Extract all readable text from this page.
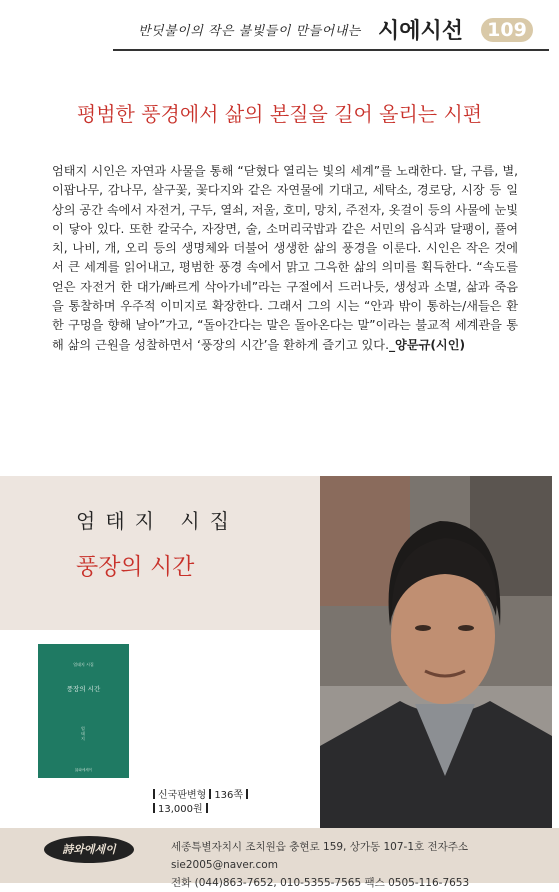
반딧불이의 작은 불빛들이 만들어내는 시에시선	109
평범한 풍경에서 삶의 본질을 길어 올리는 시편
엄태지 시인은 자연과 사물을 통해 “닫혔다 열리는 빛의 세계”를 노래한다. 달, 구름, 별, 이팝나무, 감나무, 살구꽃, 꽃다지와 같은 자연물에 기대고, 세탁소, 경로당, 시장 등 일상의 공간 속에서 자전거, 구두, 열쇠, 저울, 호미, 망치, 주전자, 옷걸이 등의 사물에 눈빛이 닿아 있다. 또한 칼국수, 자장면, 술, 소머리국밥과 같은 서민의 음식과 달팽이, 풀여치, 나비, 개, 오리 등의 생명체와 더불어 생생한 삶의 풍경을 이룬다. 시인은 작은 것에서 큰 세계를 읽어내고, 평범한 풍경 속에서 맑고 그윽한 삶의 의미를 획득한다. “속도를 얻은 자전거 한 대가/빠르게 삭아가네”라는 구절에서 드러나듯, 생성과 소멸, 삶과 죽음을 통찰하며 우주적 이미지로 확장한다. 그래서 그의 시는 “안과 밖이 통하는/새들은 환한 구멍을 향해 날아”가고, “돌아간다는 말은 돌아온다는 말”이라는 불교적 세계관을 통해 삶의 근원을 성찰하면서 ‘풍장의 시간’을 환하게 즐기고 있다._양문규(시인)
엄태지 시집
풍장의 시간
엄태지 시집
풍장의 시간
엄태지
詩와에세이
신국판변형 136쪽
13,000원
詩와에세이	세종특별자치시 조치원읍 충현로 159, 상가동 107-1호 전자주소 sie2005@naver.com
전화 (044)863-7652, 010-5355-7565 팩스 0505-116-7653
